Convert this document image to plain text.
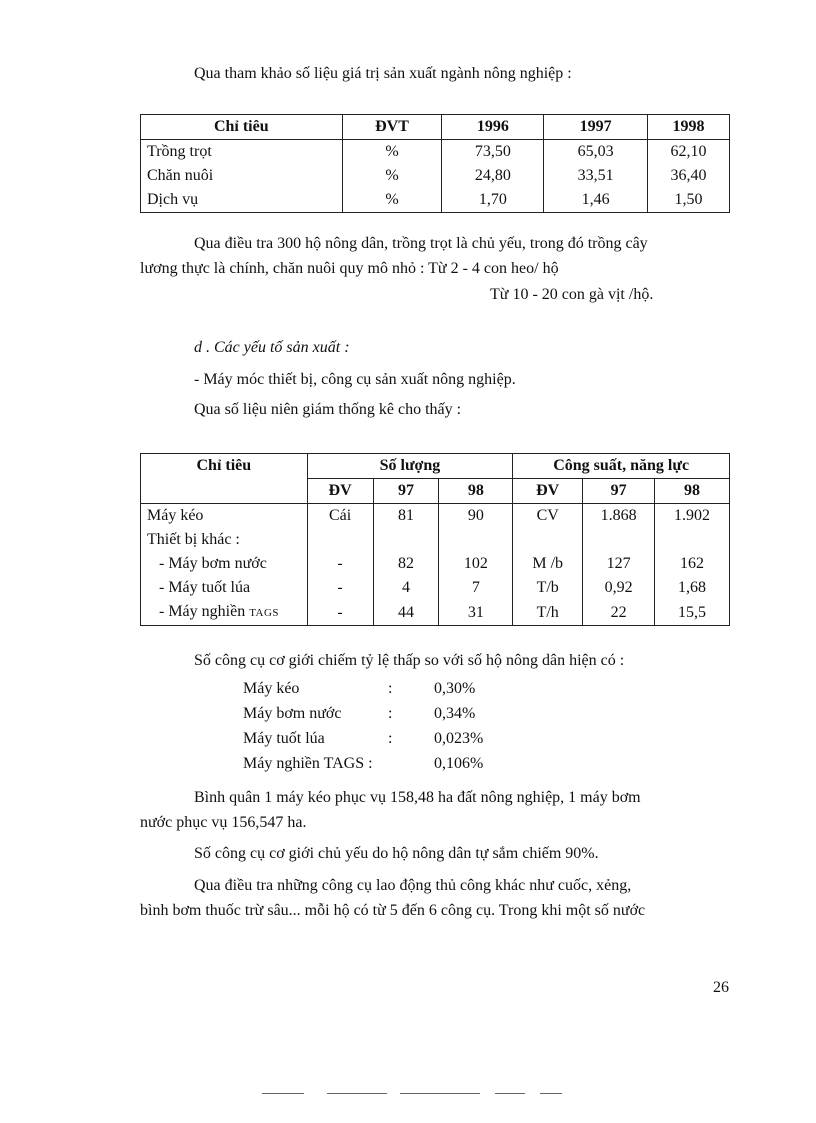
Qua tham khảo số liệu giá trị sản xuất ngành nông nghiệp :

Chỉ tiêu	ĐVT	1996	1997	1998
Trồng trọt	%	73,50	65,03	62,10
Chăn nuôi	%	24,80	33,51	36,40
Dịch vụ	%	1,70	1,46	1,50

Qua điều tra 300 hộ nông dân, trồng trọt là chủ yếu, trong đó trồng cây

lương thực là chính, chăn nuôi quy mô nhỏ : Từ 2 - 4 con heo/ hộ

Từ 10 - 20 con gà vịt /hộ.

d . Các yếu tố sản xuất :

- Máy móc thiết bị, công cụ sản xuất nông nghiệp.

Qua số liệu niên giám thống kê cho thấy :

Chỉ tiêu	Số lượng			Công suất, năng lực		
	ĐV	97	98	ĐV	97	98
Máy kéo	Cái	81	90	CV	1.868	1.902
Thiết bị khác :						
- Máy bơm nước	-	82	102	M /b	127	162
- Máy tuốt lúa	-	4	7	T/b	0,92	1,68
- Máy nghiền TAGS	-	44	31	T/h	22	15,5

Số công cụ cơ giới chiếm tỷ lệ thấp so với số hộ nông dân hiện có :

Máy kéo	:	0,30%
Máy bơm nước	:	0,34%
Máy tuốt lúa	:	0,023%
Máy nghiền TAGS :	0,106%

Bình quân 1 máy kéo phục vụ 158,48 ha đất nông nghiệp, 1 máy bơm

nước phục vụ 156,547 ha.

Số công cụ cơ giới chủ yếu do hộ nông dân tự sắm chiếm 90%.

Qua điều tra những công cụ lao động thủ công khác như cuốc, xẻng,

bình bơm thuốc trừ sâu... mỗi hộ có từ 5 đến 6 công cụ. Trong khi một số nước

26
